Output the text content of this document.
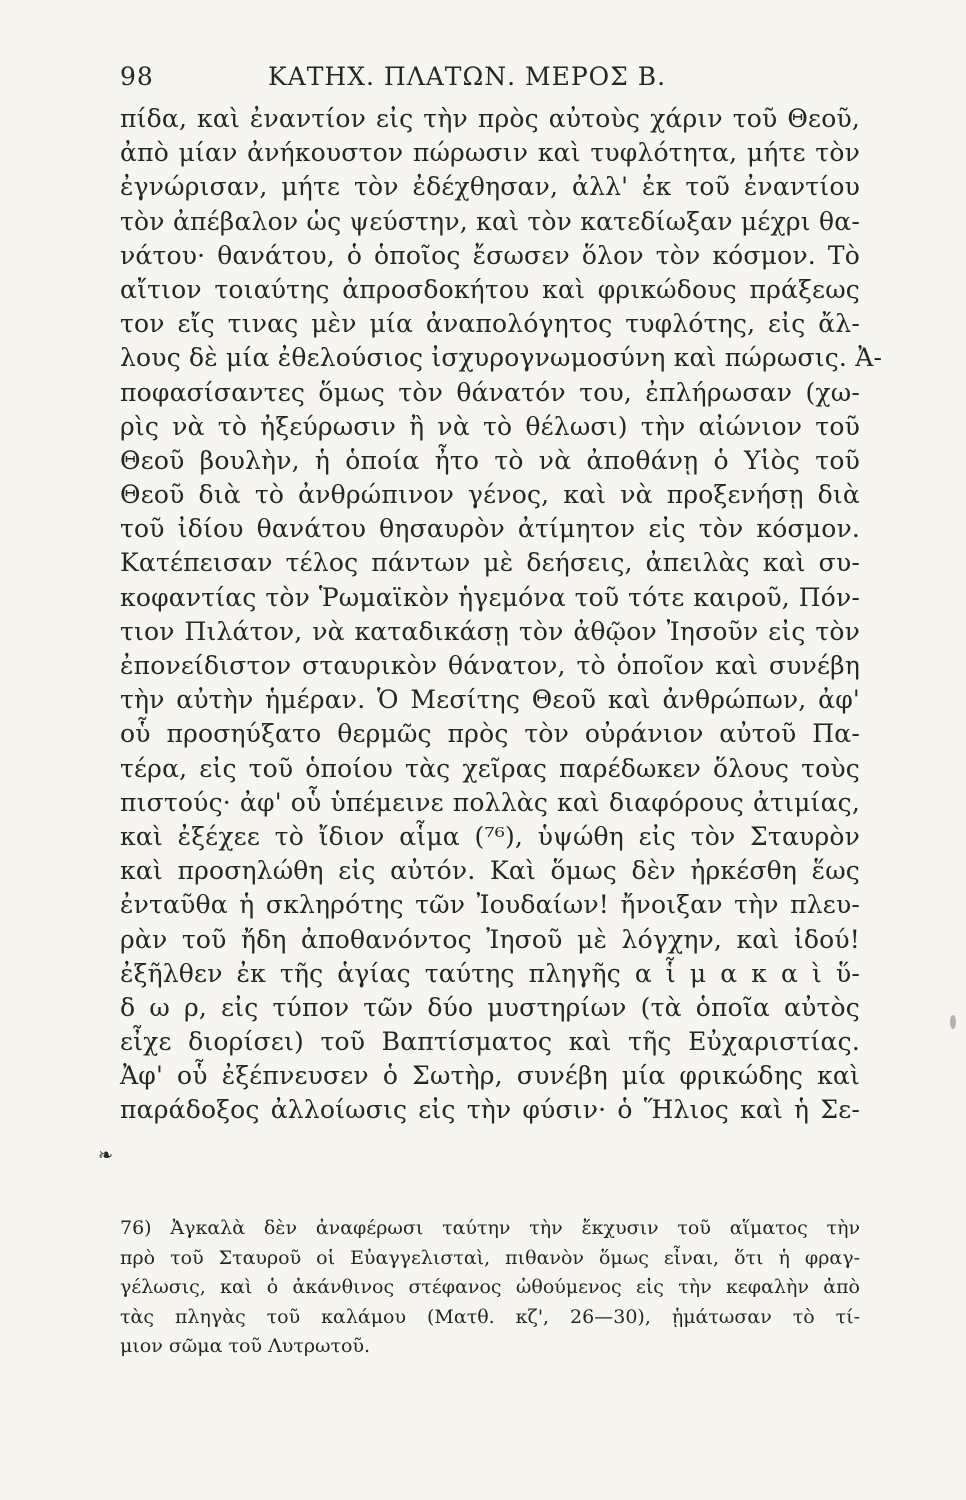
98	ΚΑΤΗΧ. ΠΛΑΤΩΝ. ΜΕΡΟΣ Β.
πίδα, καὶ ἐναντίον εἰς τὴν πρὸς αὐτοὺς χάριν τοῦ Θεοῦ,
ἀπὸ μίαν ἀνήκουστον πώρωσιν καὶ τυφλότητα, μήτε τὸν
ἐγνώρισαν, μήτε τὸν ἐδέχθησαν, ἀλλ' ἐκ τοῦ ἐναντίου
τὸν ἀπέβαλον ὡς ψεύστην, καὶ τὸν κατεδίωξαν μέχρι θα-
νάτου· θανάτου, ὁ ὁποῖος ἔσωσεν ὅλον τὸν κόσμον. Τὸ
αἴτιον τοιαύτης ἀπροσδοκήτου καὶ φρικώδους πράξεως
τον εἴς τινας μὲν μία ἀναπολόγητος τυφλότης, εἰς ἄλ-
λους δὲ μία ἐθελούσιος ἰσχυρογνωμοσύνη καὶ πώρωσις. Ἀ-
ποφασίσαντες ὅμως τὸν θάνατόν του, ἐπλήρωσαν (χω-
ρὶς νὰ τὸ ἠξεύρωσιν ἢ νὰ τὸ θέλωσι) τὴν αἰώνιον τοῦ
Θεοῦ βουλὴν, ἡ ὁποία ἦτο τὸ νὰ ἀποθάνῃ ὁ Υἱὸς τοῦ
Θεοῦ διὰ τὸ ἀνθρώπινον γένος, καὶ νὰ προξενήσῃ διὰ
τοῦ ἰδίου θανάτου θησαυρὸν ἀτίμητον εἰς τὸν κόσμον.
Κατέπεισαν τέλος πάντων μὲ δεήσεις, ἀπειλὰς καὶ συ-
κοφαντίας τὸν Ῥωμαϊκὸν ἡγεμόνα τοῦ τότε καιροῦ, Πόν-
τιον Πιλάτον, νὰ καταδικάσῃ τὸν ἀθῷον Ἰησοῦν εἰς τὸν
ἐπονείδιστον σταυρικὸν θάνατον, τὸ ὁποῖον καὶ συνέβη
τὴν αὐτὴν ἡμέραν. Ὁ Μεσίτης Θεοῦ καὶ ἀνθρώπων, ἀφ'
οὗ προσηύξατο θερμῶς πρὸς τὸν οὐράνιον αὐτοῦ Πα-
τέρα, εἰς τοῦ ὁποίου τὰς χεῖρας παρέδωκεν ὅλους τοὺς
πιστούς· ἀφ' οὗ ὑπέμεινε πολλὰς καὶ διαφόρους ἀτιμίας,
καὶ ἐξέχεε τὸ ἴδιον αἷμα (⁷⁶), ὑψώθη εἰς τὸν Σταυρὸν
καὶ προσηλώθη εἰς αὐτόν. Καὶ ὅμως δὲν ἠρκέσθη ἕως
ἐνταῦθα ἡ σκληρότης τῶν Ἰουδαίων! ἤνοιξαν τὴν πλευ-
ρὰν τοῦ ἤδη ἀποθανόντος Ἰησοῦ μὲ λόγχην, καὶ ἰδού!
ἐξῆλθεν ἐκ τῆς ἁγίας ταύτης πληγῆς α ἷ μ α κ α ὶ ὕ-
δ ω ρ, εἰς τύπον τῶν δύο μυστηρίων (τὰ ὁποῖα αὐτὸς
εἶχε διορίσει) τοῦ Βαπτίσματος καὶ τῆς Εὐχαριστίας.
Ἀφ' οὗ ἐξέπνευσεν ὁ Σωτὴρ, συνέβη μία φρικώδης καὶ
παράδοξος ἀλλοίωσις εἰς τὴν φύσιν· ὁ Ἥλιος καὶ ἡ Σε-
❧
76) Ἀγκαλὰ δὲν ἀναφέρωσι ταύτην τὴν ἔκχυσιν τοῦ αἵματος τὴν
πρὸ τοῦ Σταυροῦ οἱ Εὐαγγελισταὶ, πιθανὸν ὅμως εἶναι, ὅτι ἡ φραγ-
γέλωσις, καὶ ὁ ἀκάνθινος στέφανος ὠθούμενος εἰς τὴν κεφαλὴν ἀπὸ
τὰς πληγὰς τοῦ καλάμου (Ματθ. κζ', 26—30), ᾑμάτωσαν τὸ τί-
μιον σῶμα τοῦ Λυτρωτοῦ.
